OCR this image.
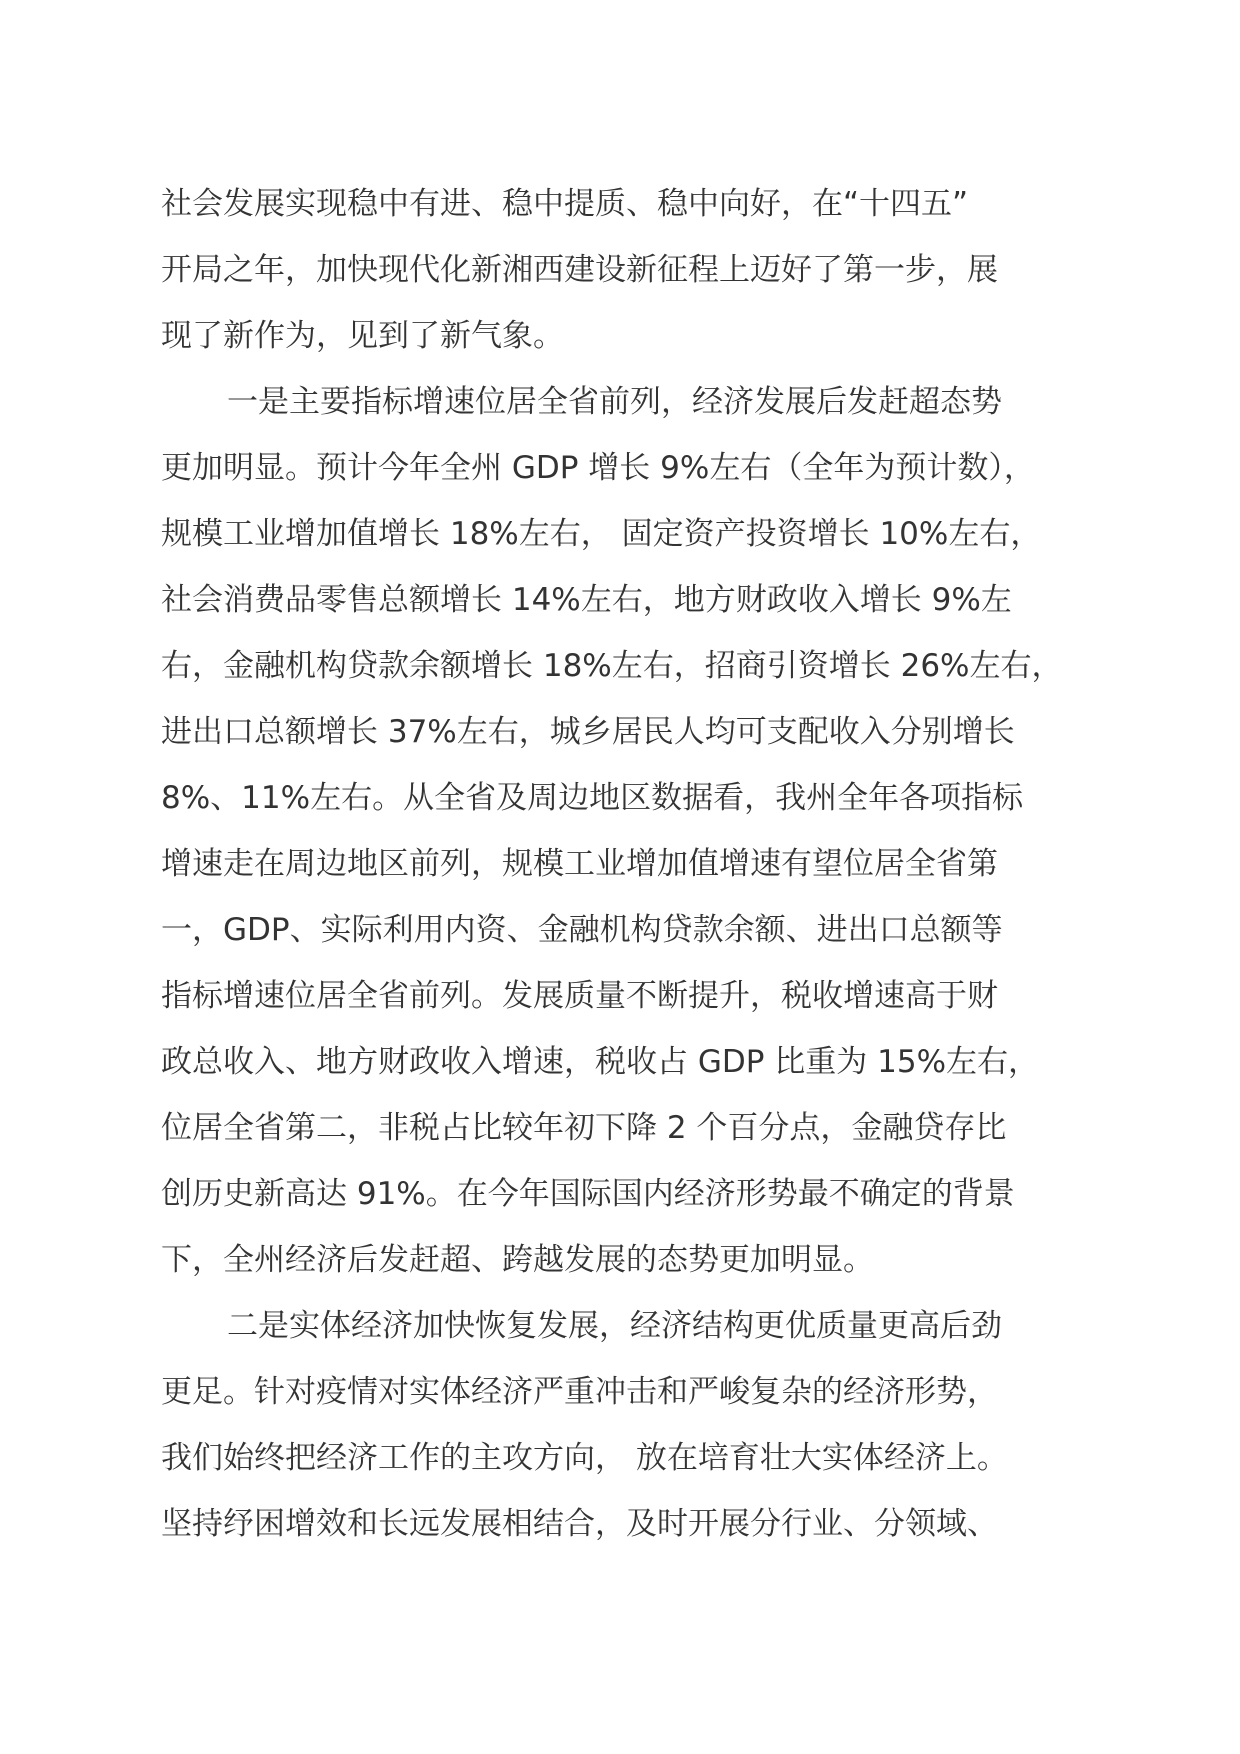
社会发展实现稳中有进、稳中提质、稳中向好，在“十四五”
开局之年，加快现代化新湘西建设新征程上迈好了第一步，展
现了新作为，见到了新气象。
一是主要指标增速位居全省前列，经济发展后发赶超态势
更加明显。预计今年全州 GDP 增长 9%左右（全年为预计数），
规模工业增加值增长 18%左右， 固定资产投资增长 10%左右，
社会消费品零售总额增长 14%左右，地方财政收入增长 9%左
右，金融机构贷款余额增长 18%左右，招商引资增长 26%左右，
进出口总额增长 37%左右，城乡居民人均可支配收入分别增长
8%、11%左右。从全省及周边地区数据看，我州全年各项指标
增速走在周边地区前列，规模工业增加值增速有望位居全省第
一，GDP、实际利用内资、金融机构贷款余额、进出口总额等
指标增速位居全省前列。发展质量不断提升，税收增速高于财
政总收入、地方财政收入增速，税收占 GDP 比重为 15%左右，
位居全省第二，非税占比较年初下降 2 个百分点，金融贷存比
创历史新高达 91%。在今年国际国内经济形势最不确定的背景
下，全州经济后发赶超、跨越发展的态势更加明显。
二是实体经济加快恢复发展，经济结构更优质量更高后劲
更足。针对疫情对实体经济严重冲击和严峻复杂的经济形势，
我们始终把经济工作的主攻方向， 放在培育壮大实体经济上。
坚持纾困增效和长远发展相结合，及时开展分行业、分领域、
